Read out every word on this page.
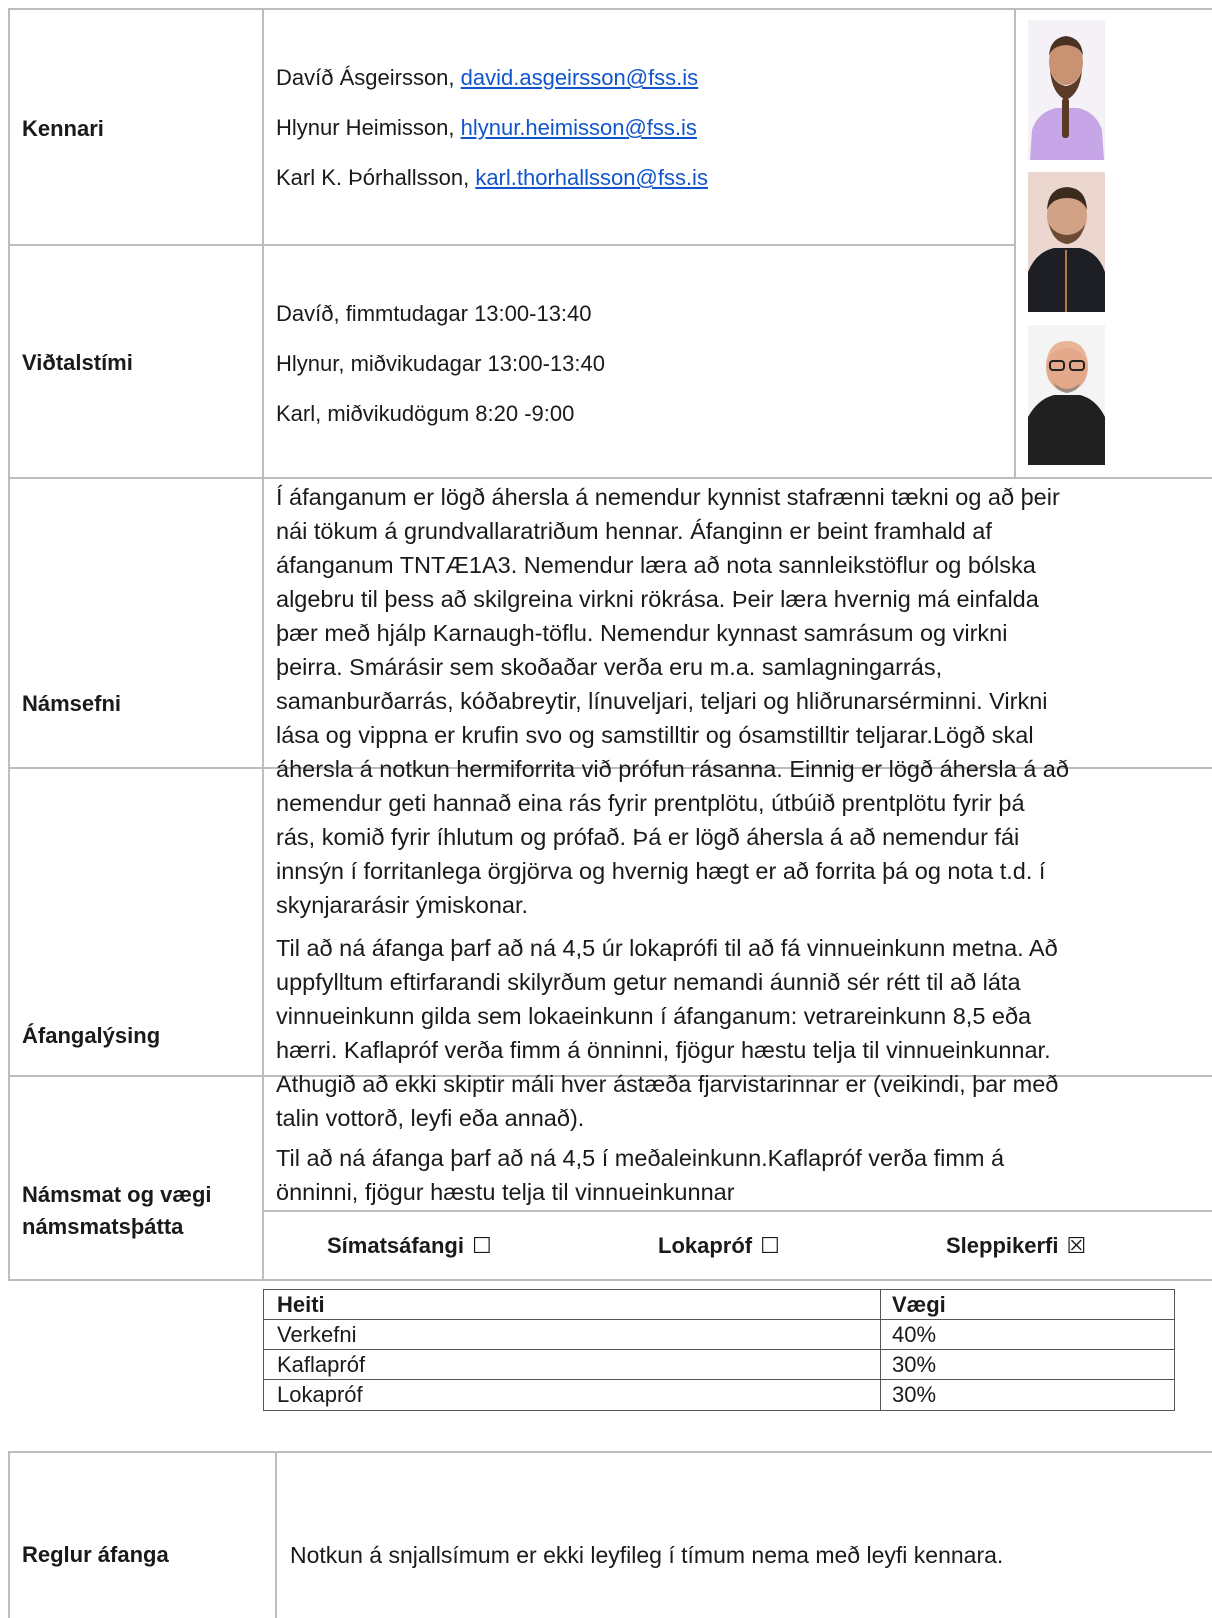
Kennari
Davíð Ásgeirsson, david.asgeirsson@fss.is
Hlynur Heimisson, hlynur.heimisson@fss.is
Karl K. Þórhallsson, karl.thorhallsson@fss.is
Viðtalstími
Davíð, fimmtudagar 13:00-13:40
Hlynur, miðvikudagar 13:00-13:40
Karl, miðvikudögum 8:20 -9:00
Námsefni
Í áfanganum er lögð áhersla á nemendur kynnist stafrænni tækni og að þeir
nái tökum á grundvallaratriðum hennar. Áfanginn er beint framhald af
áfanganum TNTÆ1A3. Nemendur læra að nota sannleikstöflur og bólska
algebru til þess að skilgreina virkni rökrása. Þeir læra hvernig má einfalda
þær með hjálp Karnaugh-töflu. Nemendur kynnast samrásum og virkni
þeirra. Smárásir sem skoðaðar verða eru m.a. samlagningarrás,
samanburðarrás, kóðabreytir, línuveljari, teljari og hliðrunarsérminni. Virkni
lása og vippna er krufin svo og samstilltir og ósamstilltir teljarar.Lögð skal
áhersla á notkun hermiforrita við prófun rásanna. Einnig er lögð áhersla á að
nemendur geti hannað eina rás fyrir prentplötu, útbúið prentplötu fyrir þá
rás, komið fyrir íhlutum og prófað. Þá er lögð áhersla á að nemendur fái
innsýn í forritanlega örgjörva og hvernig hægt er að forrita þá og nota t.d. í
skynjararásir ýmiskonar.
Áfangalýsing
Til að ná áfanga þarf að ná 4,5 úr lokaprófi til að fá vinnueinkunn metna. Að
uppfylltum eftirfarandi skilyrðum getur nemandi áunnið sér rétt til að láta
vinnueinkunn gilda sem lokaeinkunn í áfanganum: vetrareinkunn 8,5 eða
hærri. Kaflapróf verða fimm á önninni, fjögur hæstu telja til vinnueinkunnar.
Athugið að ekki skiptir máli hver ástæða fjarvistarinnar er (veikindi, þar með
talin vottorð, leyfi eða annað).
Námsmat og vægi
námsmatsþátta
Til að ná áfanga þarf að ná 4,5 í meðaleinkunn.Kaflapróf verða fimm á
önninni, fjögur hæstu telja til vinnueinkunnar
Símatsáfangi ☐	Lokapróf ☐	Sleppikerfi ☒
Heiti	Vægi
Verkefni	40%
Kaflapróf	30%
Lokapróf	30%
Reglur áfanga	Notkun á snjallsímum er ekki leyfileg í tímum nema með leyfi kennara.
